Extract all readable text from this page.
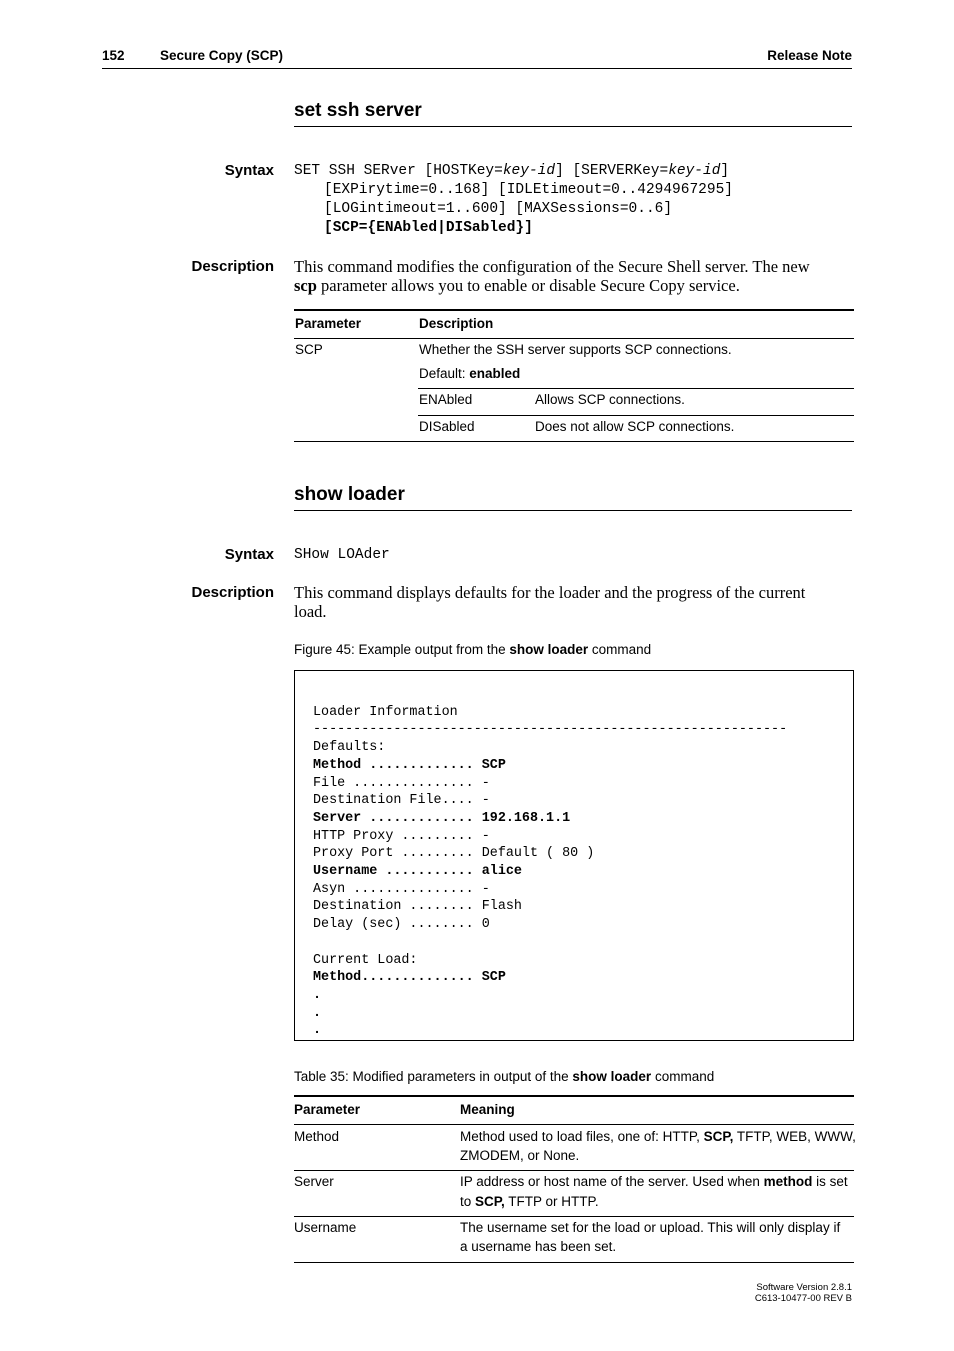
152	Secure Copy (SCP)	Release Note
set ssh server
Syntax SET SSH SERver [HOSTKey=key-id] [SERVERKey=key-id]
[EXPirytime=0..168] [IDLEtimeout=0..4294967295]
[LOGintimeout=1..600] [MAXSessions=0..6]
[SCP={ENAbled|DISabled}]
Description This command modifies the configuration of the Secure Shell server. The new
scp parameter allows you to enable or disable Secure Copy service.
Parameter	Description
SCP	Whether the SSH server supports SCP connections.
Default: enabled
ENAbled	Allows SCP connections.
DISabled	Does not allow SCP connections.
show loader
Syntax SHow LOAder
Description This command displays defaults for the loader and the progress of the current
load.
Figure 45: Example output from the show loader command

Loader Information
-----------------------------------------------------------
Defaults:
Method ............. SCP
File ............... -
Destination File.... -
Server ............. 192.168.1.1
HTTP Proxy ......... -
Proxy Port ......... Default ( 80 )
Username ........... alice
Asyn ............... -
Destination ........ Flash
Delay (sec) ........ 0
Current Load:
Method.............. SCP
.
.
.

Table 35: Modified parameters in output of the show loader command
Parameter	Meaning
Method	Method used to load files, one of: HTTP, SCP, TFTP, WEB, WWW,
ZMODEM, or None.
Server	IP address or host name of the server. Used when method is set
to SCP, TFTP or HTTP.
Username	The username set for the load or upload. This will only display if
a username has been set.
Software Version 2.8.1
C613-10477-00 REV B
